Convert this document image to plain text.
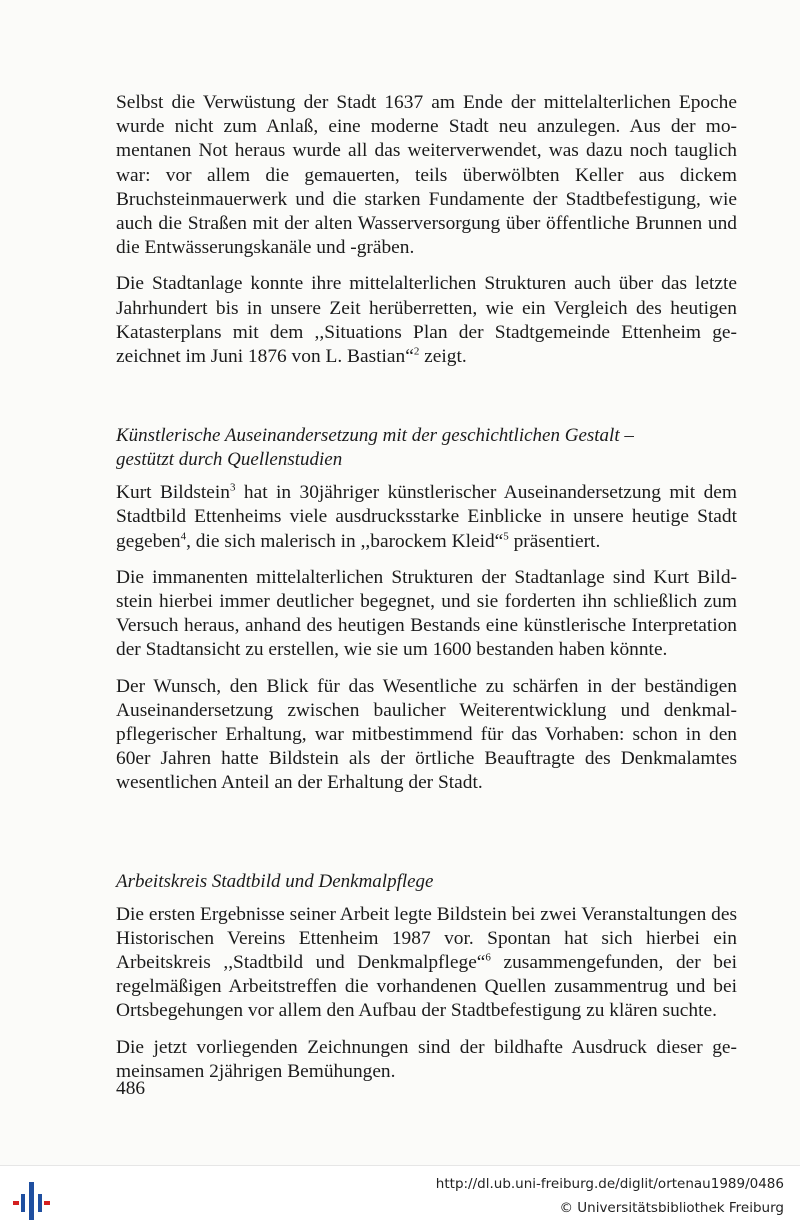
Selbst die Verwüstung der Stadt 1637 am Ende der mittelalterlichen Epoche wurde nicht zum Anlaß, eine moderne Stadt neu anzulegen. Aus der momentanen Not heraus wurde all das weiterverwendet, was dazu noch tauglich war: vor allem die gemauerten, teils überwölbten Keller aus dickem Bruchsteinmauerwerk und die starken Fundamente der Stadtbefestigung, wie auch die Straßen mit der alten Wasserversorgung über öffentliche Brunnen und die Entwässerungskanäle und -gräben.

Die Stadtanlage konnte ihre mittelalterlichen Strukturen auch über das letzte Jahrhundert bis in unsere Zeit herüberretten, wie ein Vergleich des heutigen Katasterplans mit dem ,,Situations Plan der Stadtgemeinde Ettenheim gezeichnet im Juni 1876 von L. Bastian“$^2$ zeigt.

Künstlerische Auseinandersetzung mit der geschichtlichen Gestalt –
gestützt durch Quellenstudien

Kurt Bildstein$^3$ hat in 30jähriger künstlerischer Auseinandersetzung mit dem Stadtbild Ettenheims viele ausdrucksstarke Einblicke in unsere heutige Stadt gegeben$^4$, die sich malerisch in ,,barockem Kleid“$^5$ präsentiert.

Die immanenten mittelalterlichen Strukturen der Stadtanlage sind Kurt Bildstein hierbei immer deutlicher begegnet, und sie forderten ihn schließlich zum Versuch heraus, anhand des heutigen Bestands eine künstlerische Interpretation der Stadtansicht zu erstellen, wie sie um 1600 bestanden haben könnte.

Der Wunsch, den Blick für das Wesentliche zu schärfen in der beständigen Auseinandersetzung zwischen baulicher Weiterentwicklung und denkmalpflegerischer Erhaltung, war mitbestimmend für das Vorhaben: schon in den 60er Jahren hatte Bildstein als der örtliche Beauftragte des Denkmalamtes wesentlichen Anteil an der Erhaltung der Stadt.

Arbeitskreis Stadtbild und Denkmalpflege

Die ersten Ergebnisse seiner Arbeit legte Bildstein bei zwei Veranstaltungen des Historischen Vereins Ettenheim 1987 vor. Spontan hat sich hierbei ein Arbeitskreis ,,Stadtbild und Denkmalpflege“$^6$ zusammengefunden, der bei regelmäßigen Arbeitstreffen die vorhandenen Quellen zusammentrug und bei Ortsbegehungen vor allem den Aufbau der Stadtbefestigung zu klären suchte.

Die jetzt vorliegenden Zeichnungen sind der bildhafte Ausdruck dieser gemeinsamen 2jährigen Bemühungen.

486
http://dl.ub.uni-freiburg.de/diglit/ortenau1989/0486
© Universitätsbibliothek Freiburg
